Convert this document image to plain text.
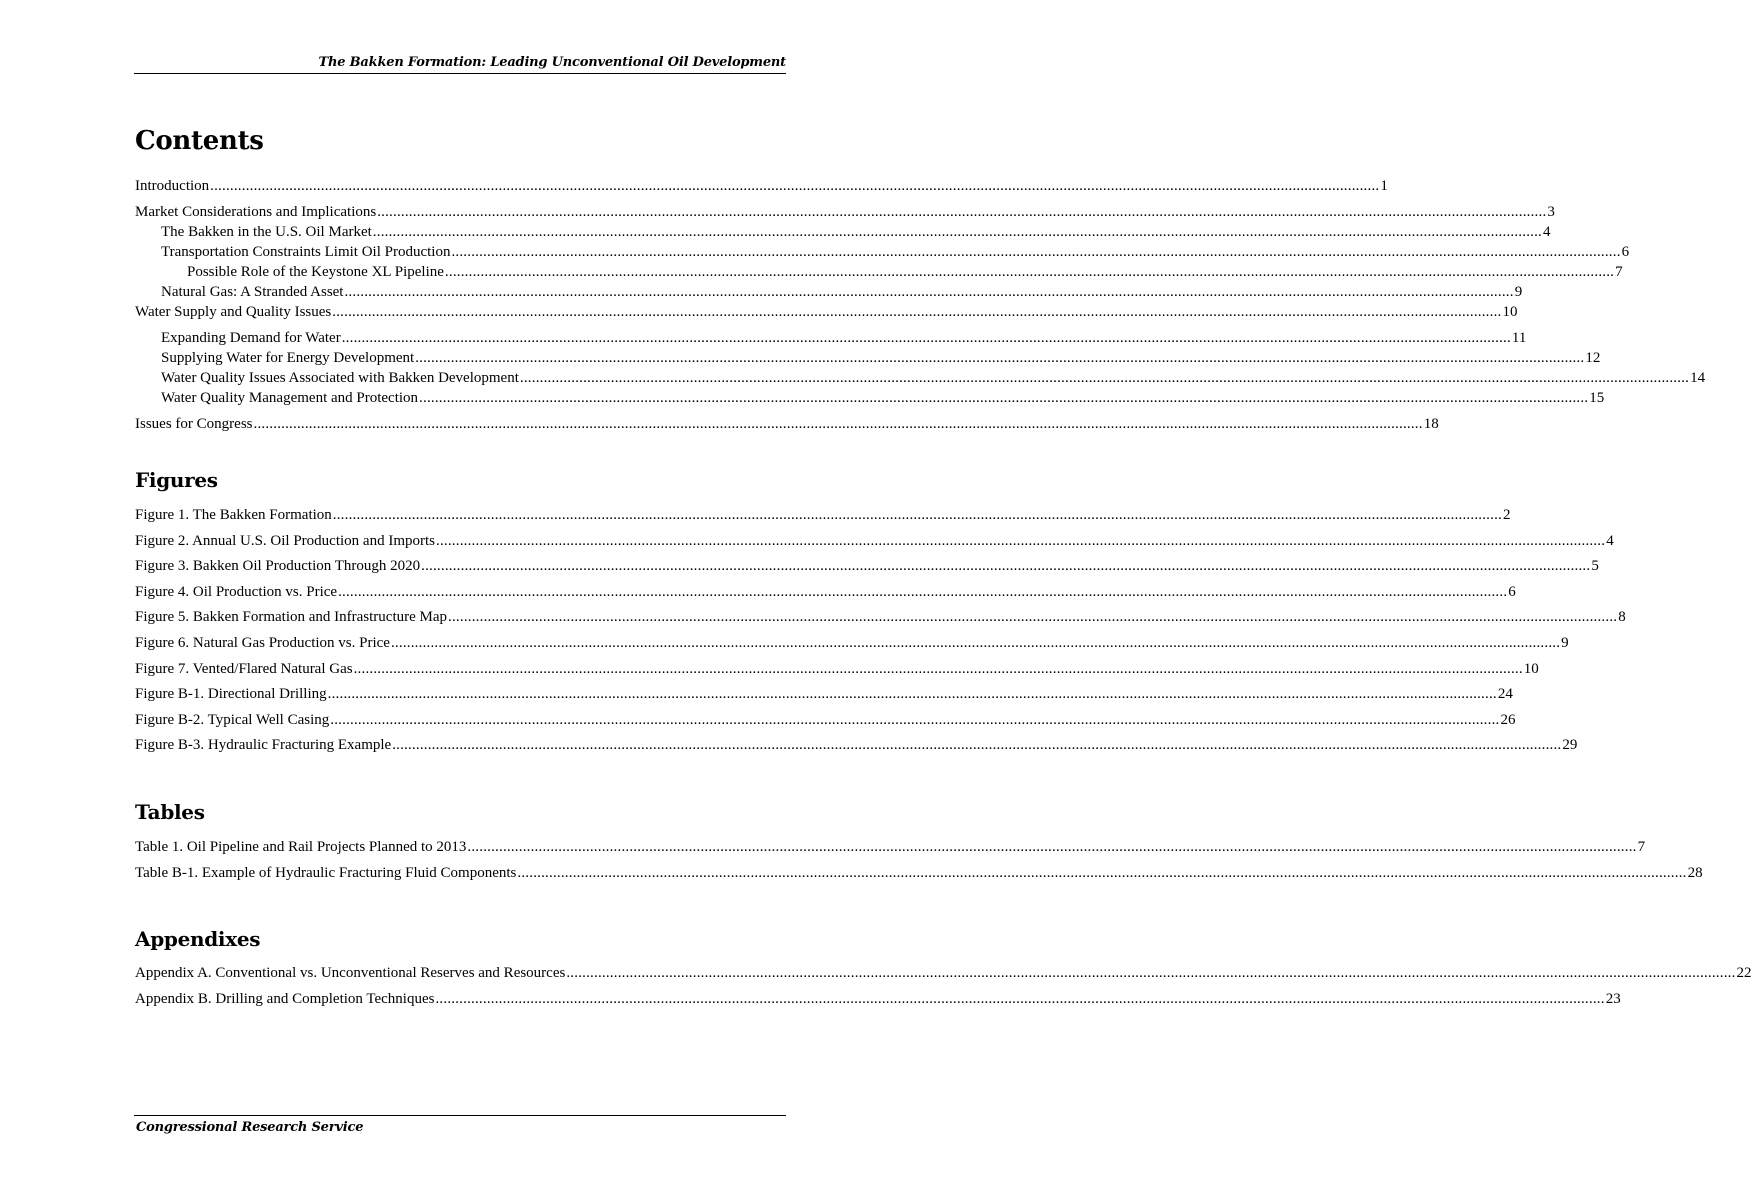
The Bakken Formation: Leading Unconventional Oil Development
Contents
Introduction .....	1
Market Considerations and Implications .....	3
The Bakken in the U.S. Oil Market .....	4
Transportation Constraints Limit Oil Production .....	6
Possible Role of the Keystone XL Pipeline .....	7
Natural Gas: A Stranded Asset .....	9
Water Supply and Quality Issues .....	10
Expanding Demand for Water .....	11
Supplying Water for Energy Development .....	12
Water Quality Issues Associated with Bakken Development .....	14
Water Quality Management and Protection .....	15
Issues for Congress .....	18
Figures
Figure 1. The Bakken Formation .....	2
Figure 2. Annual U.S. Oil Production and Imports .....	4
Figure 3. Bakken Oil Production Through 2020 .....	5
Figure 4. Oil Production vs. Price .....	6
Figure 5. Bakken Formation and Infrastructure Map .....	8
Figure 6. Natural Gas Production vs. Price .....	9
Figure 7. Vented/Flared Natural Gas .....	10
Figure B-1. Directional Drilling .....	24
Figure B-2. Typical Well Casing .....	26
Figure B-3. Hydraulic Fracturing Example .....	29
Tables
Table 1. Oil Pipeline and Rail Projects Planned to 2013 .....	7
Table B-1. Example of Hydraulic Fracturing Fluid Components .....	28
Appendixes
Appendix A. Conventional vs. Unconventional Reserves and Resources .....	22
Appendix B. Drilling and Completion Techniques .....	23
Congressional Research Service
